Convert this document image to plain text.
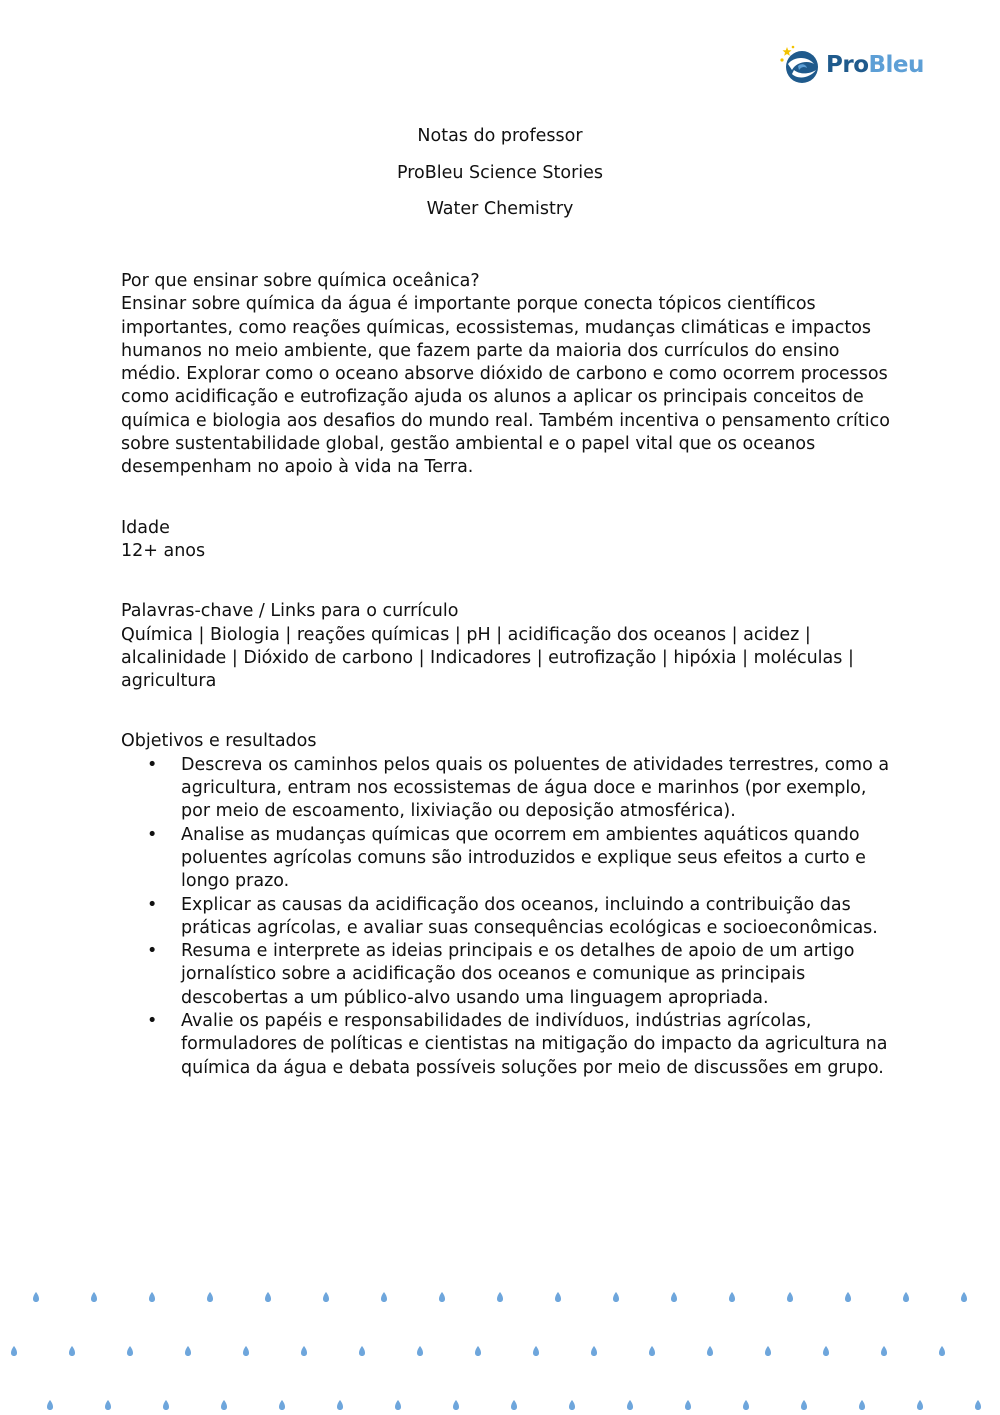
ProBleu
Notas do professor
ProBleu Science Stories
Water Chemistry

Por que ensinar sobre química oceânica?

Ensinar sobre química da água é importante porque conecta tópicos científicos importantes, como reações químicas, ecossistemas, mudanças climáticas e impactos humanos no meio ambiente, que fazem parte da maioria dos currículos do ensino médio. Explorar como o oceano absorve dióxido de carbono e como ocorrem processos como acidificação e eutrofização ajuda os alunos a aplicar os principais conceitos de química e biologia aos desafios do mundo real. Também incentiva o pensamento crítico sobre sustentabilidade global, gestão ambiental e o papel vital que os oceanos desempenham no apoio à vida na Terra.

Idade

12+ anos

Palavras-chave / Links para o currículo

Química | Biologia | reações químicas | pH | acidificação dos oceanos | acidez | alcalinidade | Dióxido de carbono | Indicadores | eutrofização | hipóxia | moléculas | agricultura

Objetivos e resultados

• Descreva os caminhos pelos quais os poluentes de atividades terrestres, como a agricultura, entram nos ecossistemas de água doce e marinhos (por exemplo, por meio de escoamento, lixiviação ou deposição atmosférica).
• Analise as mudanças químicas que ocorrem em ambientes aquáticos quando poluentes agrícolas comuns são introduzidos e explique seus efeitos a curto e longo prazo.
• Explicar as causas da acidificação dos oceanos, incluindo a contribuição das práticas agrícolas, e avaliar suas consequências ecológicas e socioeconômicas.
• Resuma e interprete as ideias principais e os detalhes de apoio de um artigo jornalístico sobre a acidificação dos oceanos e comunique as principais descobertas a um público-alvo usando uma linguagem apropriada.
• Avalie os papéis e responsabilidades de indivíduos, indústrias agrícolas, formuladores de políticas e cientistas na mitigação do impacto da agricultura na química da água e debata possíveis soluções por meio de discussões em grupo.
